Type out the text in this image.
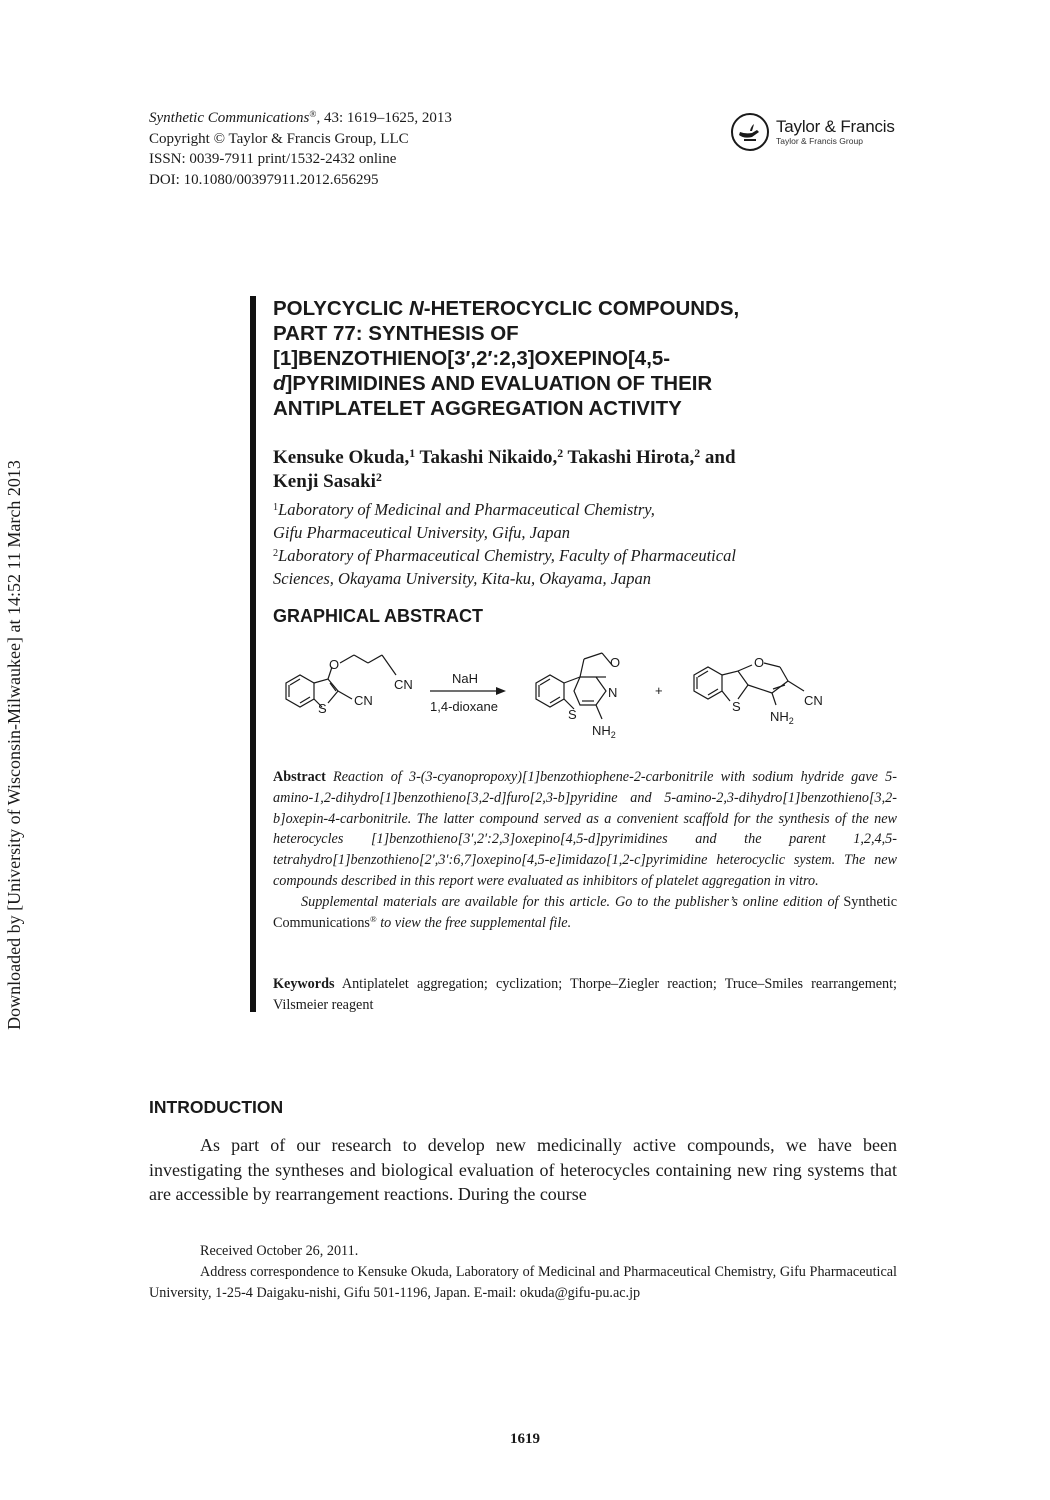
Synthetic Communications®, 43: 1619–1625, 2013
Copyright © Taylor & Francis Group, LLC
ISSN: 0039-7911 print/1532-2432 online
DOI: 10.1080/00397911.2012.656295
Taylor & Francis
Taylor & Francis Group
Downloaded by [University of Wisconsin-Milwaukee] at 14:52 11 March 2013
POLYCYCLIC N-HETEROCYCLIC COMPOUNDS,
PART 77: SYNTHESIS OF
[1]BENZOTHIENO[3′,2′:2,3]OXEPINO[4,5-
d]PYRIMIDINES AND EVALUATION OF THEIR
ANTIPLATELET AGGREGATION ACTIVITY
Kensuke Okuda,$^1$ Takashi Nikaido,$^2$ Takashi Hirota,$^2$ and
Kenji Sasaki$^2$
$^1$Laboratory of Medicinal and Pharmaceutical Chemistry,
Gifu Pharmaceutical University, Gifu, Japan
$^2$Laboratory of Pharmaceutical Chemistry, Faculty of Pharmaceutical
Sciences, Okayama University, Kita-ku, Okayama, Japan
GRAPHICAL ABSTRACT
S
O
CN
CN
NaH
1,4-dioxane
S
N
O
$NH_2$
+
O
S	CN
$NH_2$

Abstract Reaction of 3-(3-cyanopropoxy)[1]benzothiophene-2-carbonitrile with sodium hydride gave 5-amino-1,2-dihydro[1]benzothieno[3,2-d]furo[2,3-b]pyridine and 5-amino-2,3-dihydro[1]benzothieno[3,2-b]oxepin-4-carbonitrile. The latter compound served as a convenient scaffold for the synthesis of the new heterocycles [1]benzothieno[3′,2′:2,3]oxepino[4,5-d]pyrimidines and the parent 1,2,4,5-tetrahydro[1]benzothieno[2′,3′:6,7]oxepino[4,5-e]imidazo[1,2-c]pyrimidine heterocyclic system. The new compounds described in this report were evaluated as inhibitors of platelet aggregation in vitro.

Supplemental materials are available for this article. Go to the publisher’s online edition of Synthetic Communications® to view the free supplemental file.

Keywords Antiplatelet aggregation; cyclization; Thorpe–Ziegler reaction; Truce–Smiles rearrangement; Vilsmeier reagent
INTRODUCTION
As part of our research to develop new medicinally active compounds, we have been investigating the syntheses and biological evaluation of heterocycles containing new ring systems that are accessible by rearrangement reactions. During the course

Received October 26, 2011.

Address correspondence to Kensuke Okuda, Laboratory of Medicinal and Pharmaceutical Chemistry, Gifu Pharmaceutical University, 1-25-4 Daigaku-nishi, Gifu 501-1196, Japan. E-mail: okuda@gifu-pu.ac.jp

1619
